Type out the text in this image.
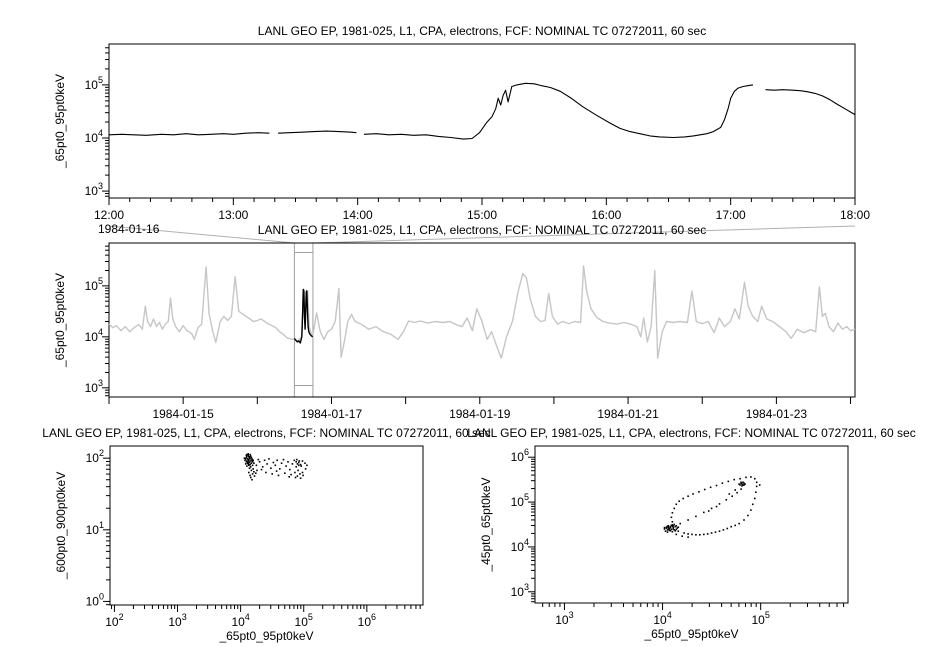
LANL GEO EP, 1981-025, L1, CPA, electrons, FCF: NOMINAL TC 07272011, 60 sec
$10^3$
$10^4$
$10^5$
_65pt0_95pt0keV
12:00	13:00	14:00	15:00	16:00	17:00	18:00
1984-01-16	LANL GEO EP, 1981-025, L1, CPA, electrons, FCF: NOMINAL TC 07272011, 60 sec
$10^3$
$10^4$
$10^5$
_65pt0_95pt0keV
1984-01-15	1984-01-17	1984-01-19	1984-01-21	1984-01-23
LANL GEO EP, 1981-025, L1, CPA, electrons, FCF: NOMINAL TC 07272011, 60 sec
$10^0$
$10^1$
$10^2$
_600pt0_900pt0keV
$10^2$	$10^3$	$10^4$	$10^5$	$10^6$
_65pt0_95pt0keV
LANL GEO EP, 1981-025, L1, CPA, electrons, FCF: NOMINAL TC 07272011, 60 sec
$10^3$
$10^4$
$10^5$
$10^6$
_45pt0_65pt0keV
$10^3$	$10^4$	$10^5$
_65pt0_95pt0keV
